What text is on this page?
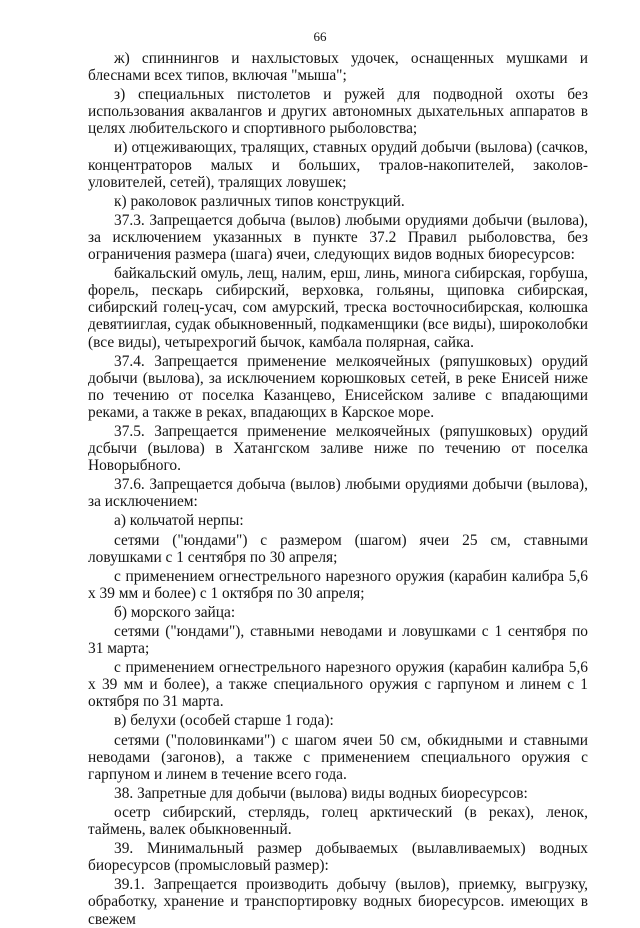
66

ж) спиннингов и нахлыстовых удочек, оснащенных мушками и блеснами всех типов, включая "мыша";

з) специальных пистолетов и ружей для подводной охоты без использования аквалангов и других автономных дыхательных аппаратов в целях любительского и спортивного рыболовства;

и) отцеживающих, тралящих, ставных орудий добычи (вылова) (сачков, концентраторов малых и больших, тралов-накопителей, заколов-уловителей, сетей), тралящих ловушек;

к) раколовок различных типов конструкций.

37.3. Запрещается добыча (вылов) любыми орудиями добычи (вылова), за исключением указанных в пункте 37.2 Правил рыболовства, без ограничения размера (шага) ячеи, следующих видов водных биоресурсов:

байкальский омуль, лещ, налим, ерш, линь, минога сибирская, горбуша, форель, пескарь сибирский, верховка, гольяны, щиповка сибирская, сибирский голец-усач, сом амурский, треска восточносибирская, колюшка девятииглая, судак обыкновенный, подкаменщики (все виды), широколобки (все виды), четырехрогий бычок, камбала полярная, сайка.

37.4. Запрещается применение мелкоячейных (ряпушковых) орудий добычи (вылова), за исключением корюшковых сетей, в реке Енисей ниже по течению от поселка Казанцево, Енисейском заливе с впадающими реками, а также в реках, впадающих в Карское море.

37.5. Запрещается применение мелкоячейных (ряпушковых) орудий дсбычи (вылова) в Хатангском заливе ниже по течению от поселка Новорыбного.

37.6. Запрещается добыча (вылов) любыми орудиями добычи (вылова), за исключением:

а) кольчатой нерпы:

сетями ("юндами") с размером (шагом) ячеи 25 см, ставными ловушками с 1 сентября по 30 апреля;

с применением огнестрельного нарезного оружия (карабин калибра 5,6 х 39 мм и более) с 1 октября по 30 апреля;

б) морского зайца:

сетями ("юндами"), ставными неводами и ловушками с 1 сентября по 31 марта;

с применением огнестрельного нарезного оружия (карабин калибра 5,6 х 39 мм и более), а также специального оружия с гарпуном и линем с 1 октября по 31 марта.

в) белухи (особей старше 1 года):

сетями ("половинками") с шагом ячеи 50 см, обкидными и ставными неводами (загонов), а также с применением специального оружия с гарпуном и линем в течение всего года.

38. Запретные для добычи (вылова) виды водных биоресурсов:

осетр сибирский, стерлядь, голец арктический (в реках), ленок, таймень, валек обыкновенный.

39. Минимальный размер добываемых (вылавливаемых) водных биоресурсов (промысловый размер):

39.1. Запрещается производить добычу (вылов), приемку, выгрузку, обработку, хранение и транспортировку водных биоресурсов. имеющих в свежем
